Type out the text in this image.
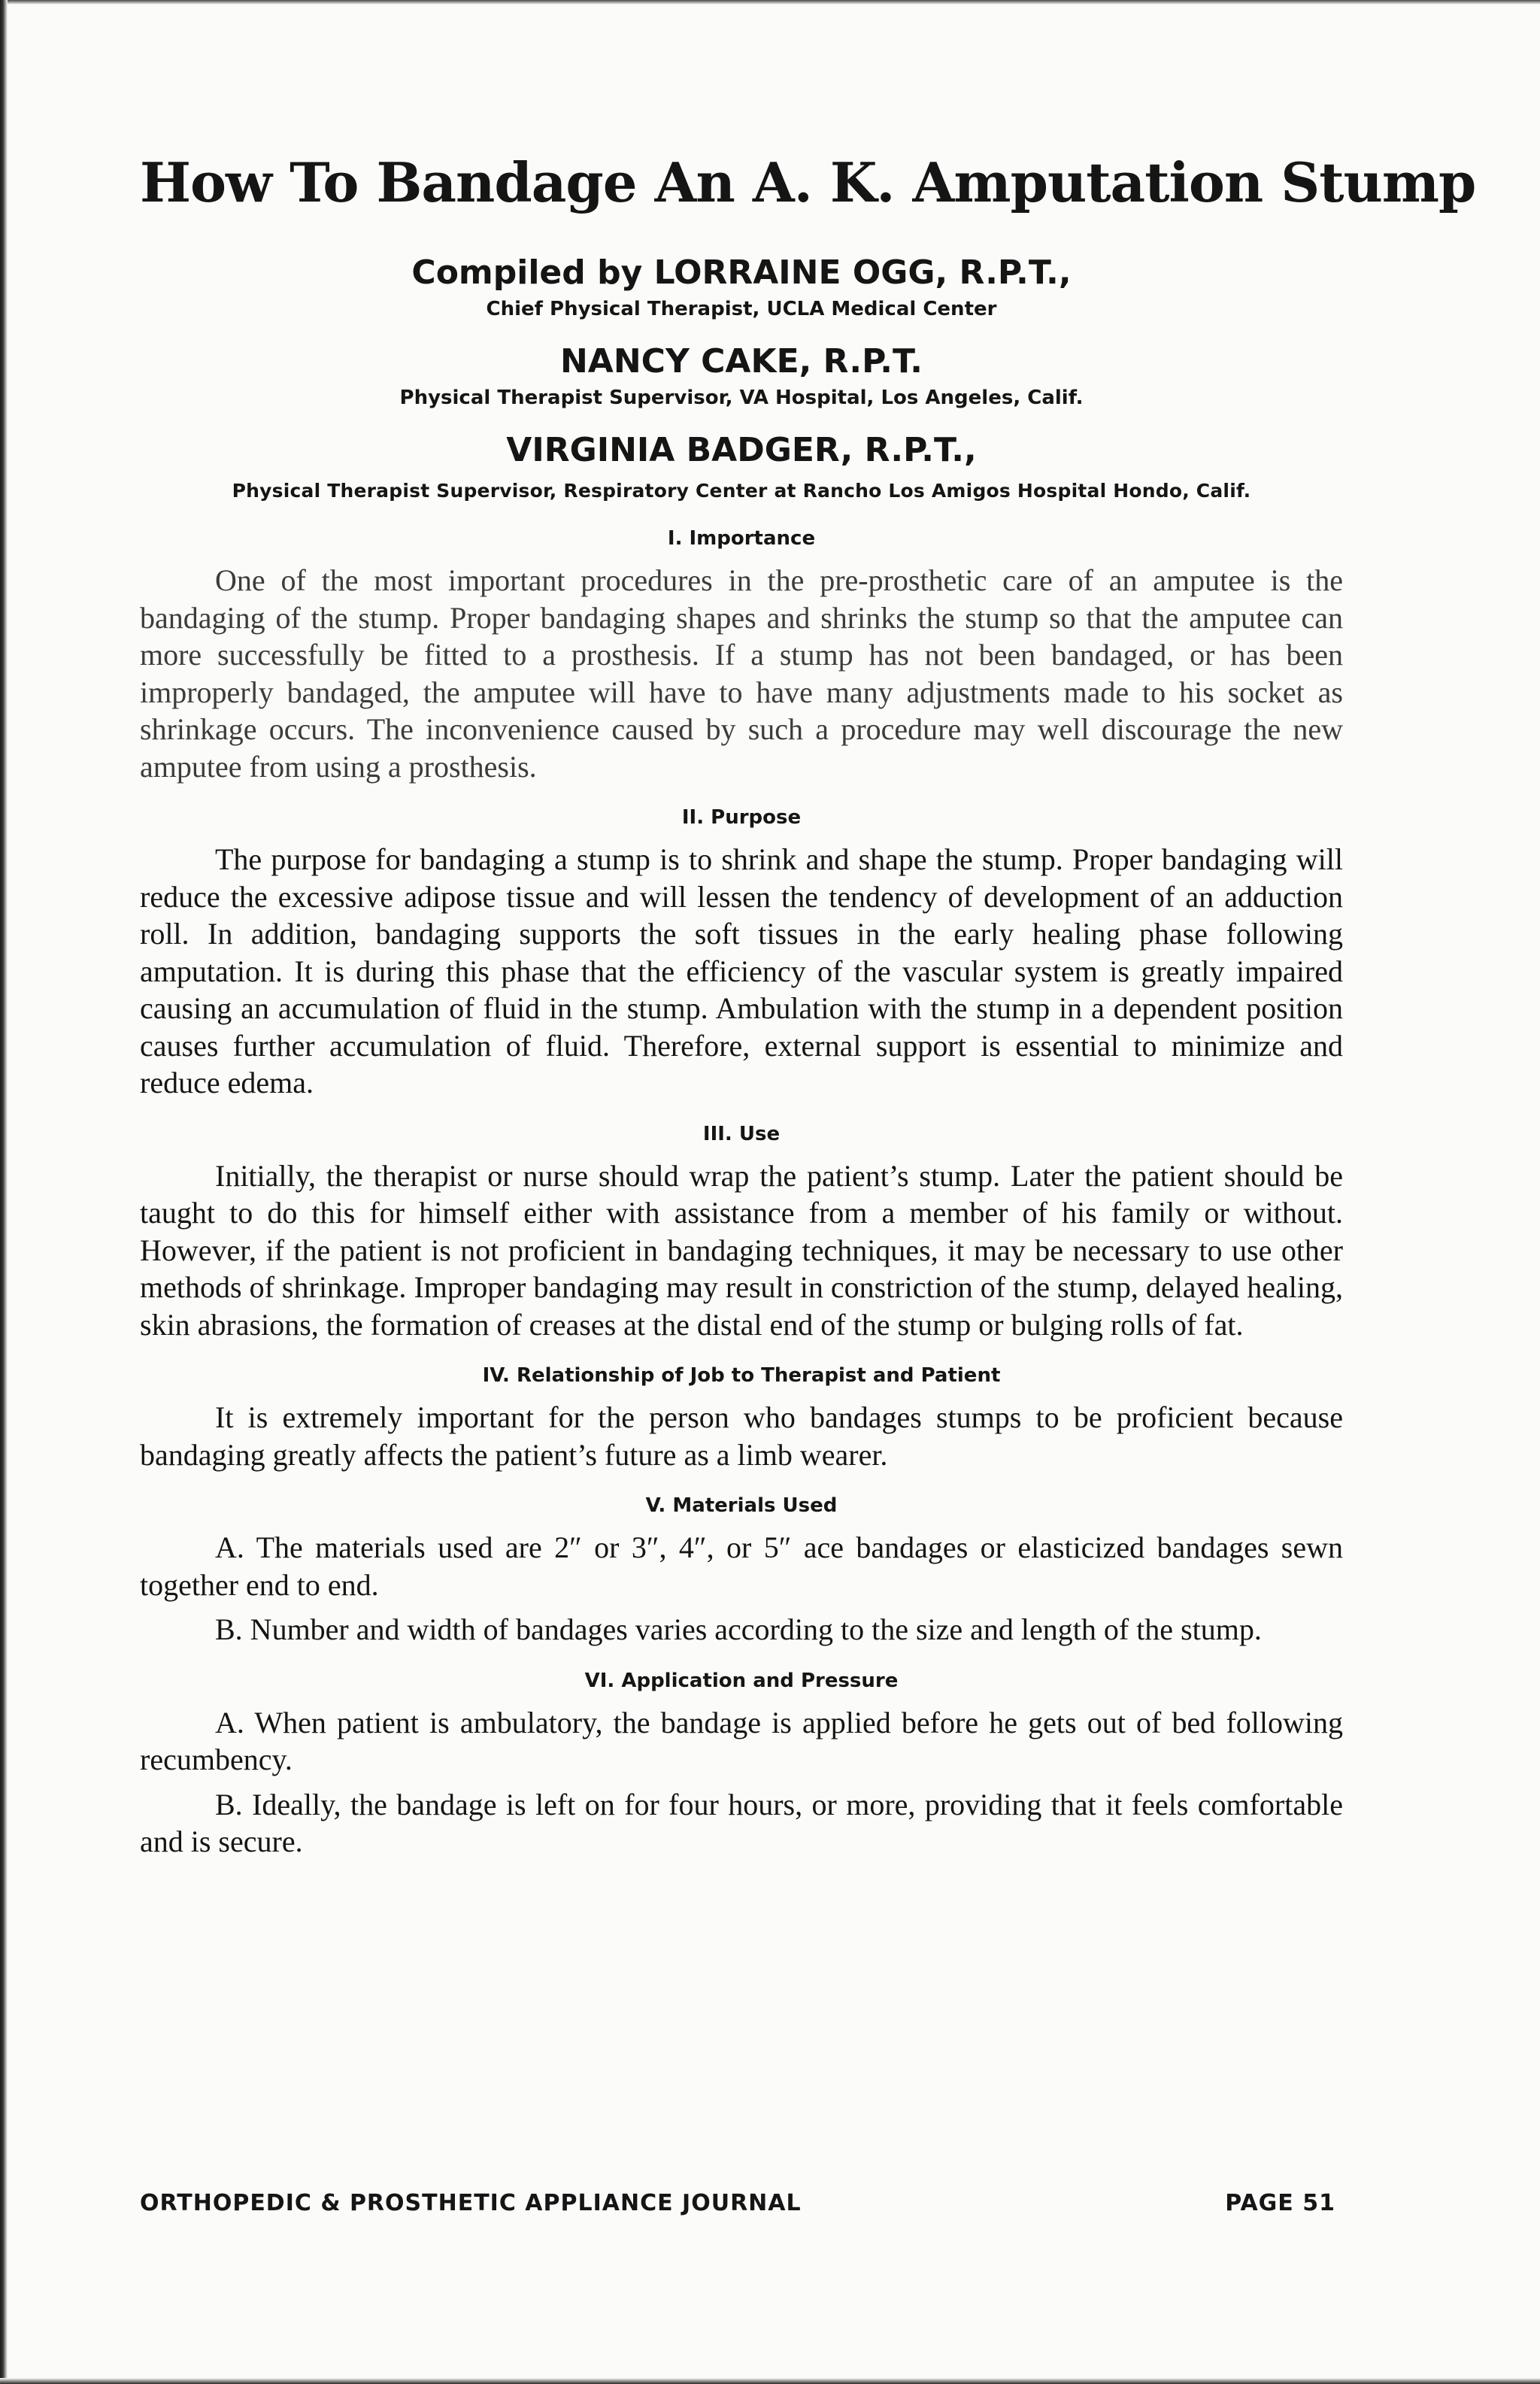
How To Bandage An A. K. Amputation Stump

Compiled by LORRAINE OGG, R.P.T.,

Chief Physical Therapist, UCLA Medical Center

NANCY CAKE, R.P.T.

Physical Therapist Supervisor, VA Hospital, Los Angeles, Calif.

VIRGINIA BADGER, R.P.T.,

Physical Therapist Supervisor, Respiratory Center at Rancho Los Amigos Hospital Hondo, Calif.

I. Importance

One of the most important procedures in the pre-prosthetic care of an amputee is the bandaging of the stump. Proper bandaging shapes and shrinks the stump so that the amputee can more successfully be fitted to a prosthesis. If a stump has not been bandaged, or has been improperly bandaged, the amputee will have to have many adjustments made to his socket as shrinkage occurs. The inconvenience caused by such a procedure may well discourage the new amputee from using a prosthesis.

II. Purpose

The purpose for bandaging a stump is to shrink and shape the stump. Proper bandaging will reduce the excessive adipose tissue and will lessen the tendency of development of an adduction roll. In addition, bandaging supports the soft tissues in the early healing phase following amputation. It is during this phase that the efficiency of the vascular system is greatly impaired causing an accumulation of fluid in the stump. Ambulation with the stump in a dependent position causes further accumulation of fluid. Therefore, external support is essential to minimize and reduce edema.

III. Use

Initially, the therapist or nurse should wrap the patient’s stump. Later the patient should be taught to do this for himself either with assistance from a member of his family or without. However, if the patient is not proficient in bandaging techniques, it may be necessary to use other methods of shrinkage. Improper bandaging may result in constriction of the stump, delayed healing, skin abrasions, the formation of creases at the distal end of the stump or bulging rolls of fat.

IV. Relationship of Job to Therapist and Patient

It is extremely important for the person who bandages stumps to be proficient because bandaging greatly affects the patient’s future as a limb wearer.

V. Materials Used

A. The materials used are 2″ or 3″, 4″, or 5″ ace bandages or elasticized bandages sewn together end to end.

B. Number and width of bandages varies according to the size and length of the stump.

VI. Application and Pressure

A. When patient is ambulatory, the bandage is applied before he gets out of bed following recumbency.

B. Ideally, the bandage is left on for four hours, or more, providing that it feels comfortable and is secure.

ORTHOPEDIC & PROSTHETIC APPLIANCE JOURNAL	PAGE 51
